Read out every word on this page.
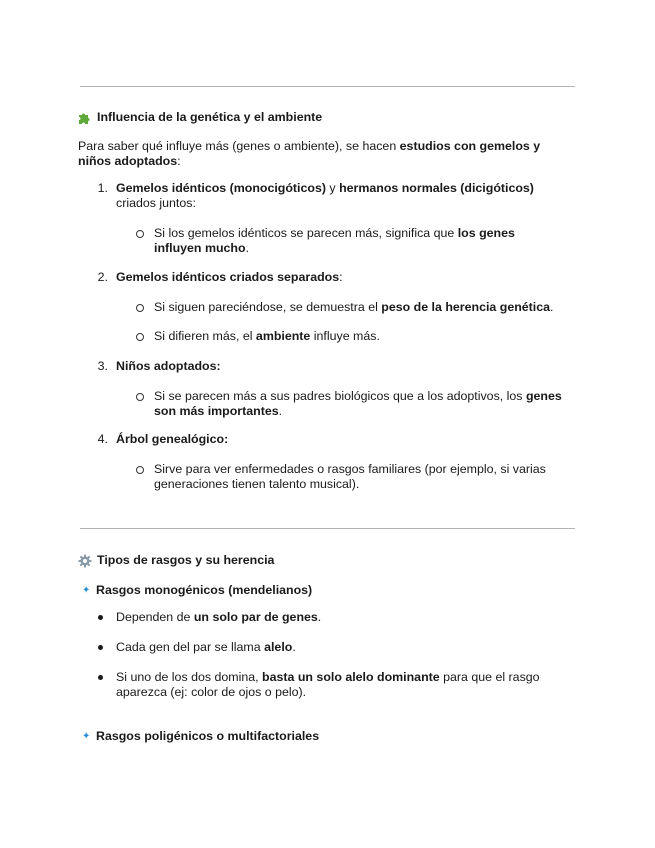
Influencia de la genética y el ambiente
Para saber qué influye más (genes o ambiente), se hacen estudios con gemelos y niños adoptados:
1. Gemelos idénticos (monocigóticos) y hermanos normales (dicigóticos)
criados juntos:
Si los gemelos idénticos se parecen más, significa que los genes influyen mucho.
2. Gemelos idénticos criados separados:
Si siguen pareciéndose, se demuestra el peso de la herencia genética.
Si difieren más, el ambiente influye más.
3. Niños adoptados:
Si se parecen más a sus padres biológicos que a los adoptivos, los genes son más importantes.
4. Árbol genealógico:
Sirve para ver enfermedades o rasgos familiares (por ejemplo, si varias generaciones tienen talento musical).
Tipos de rasgos y su herencia
✦ Rasgos monogénicos (mendelianos)
Dependen de un solo par de genes.
Cada gen del par se llama alelo.
Si uno de los dos domina, basta un solo alelo dominante para que el rasgo aparezca (ej: color de ojos o pelo).
✦ Rasgos poligénicos o multifactoriales
